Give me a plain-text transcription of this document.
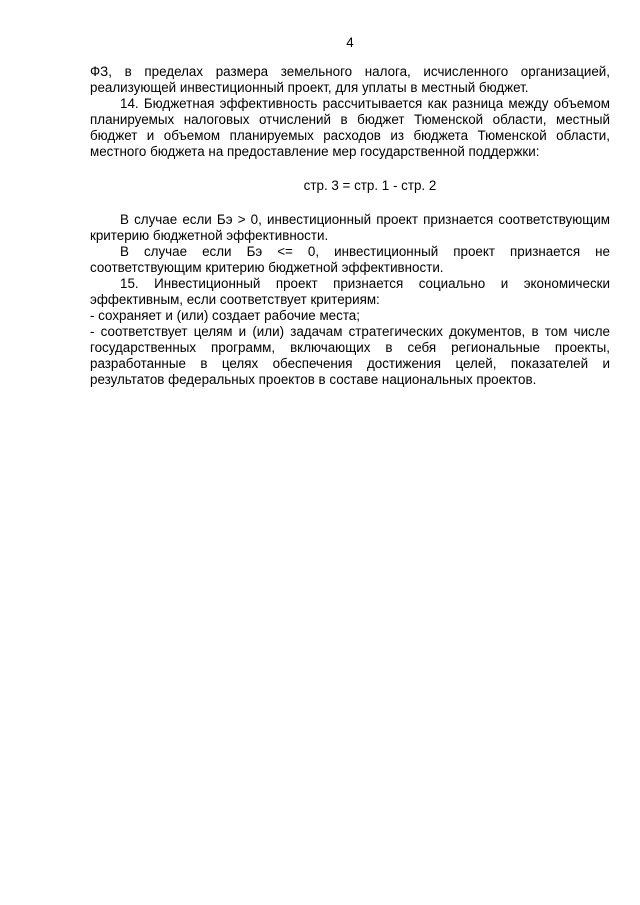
4

ФЗ, в пределах размера земельного налога, исчисленного организацией, реализующей инвестиционный проект, для уплаты в местный бюджет.

14. Бюджетная эффективность рассчитывается как разница между объемом планируемых налоговых отчислений в бюджет Тюменской области, местный бюджет и объемом планируемых расходов из бюджета Тюменской области, местного бюджета на предоставление мер государственной поддержки:

стр. 3 = стр. 1 - стр. 2

В случае если Бэ > 0, инвестиционный проект признается соответствующим критерию бюджетной эффективности.

В случае если Бэ <= 0, инвестиционный проект признается не соответствующим критерию бюджетной эффективности.

15. Инвестиционный проект признается социально и экономически эффективным, если соответствует критериям:

- сохраняет и (или) создает рабочие места;

- соответствует целям и (или) задачам стратегических документов, в том числе государственных программ, включающих в себя региональные проекты, разработанные в целях обеспечения достижения целей, показателей и результатов федеральных проектов в составе национальных проектов.
